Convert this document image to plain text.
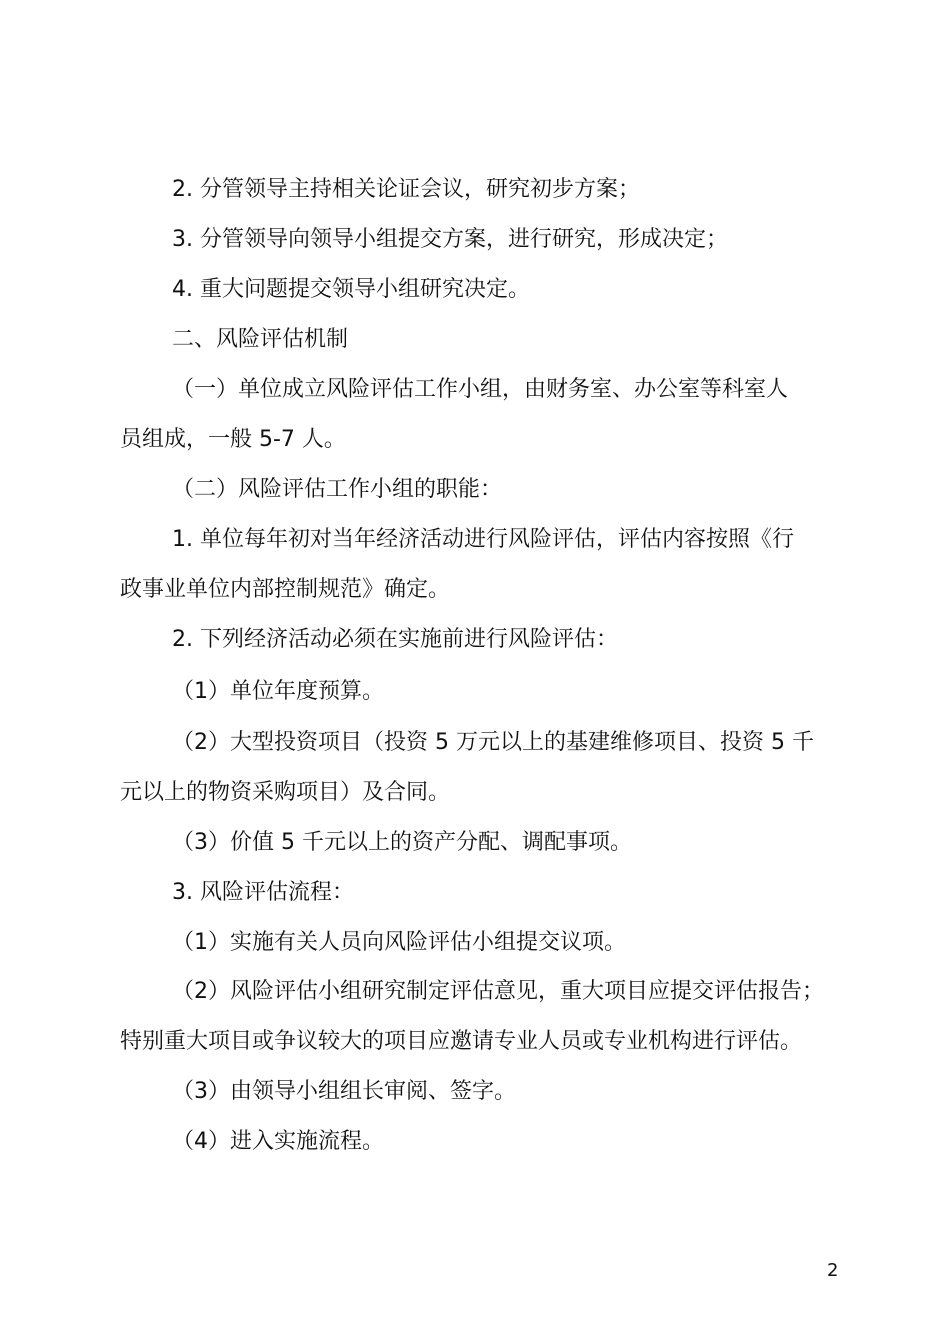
2. 分管领导主持相关论证会议，研究初步方案；

3. 分管领导向领导小组提交方案，进行研究，形成决定；

4. 重大问题提交领导小组研究决定。

二、风险评估机制

（一）单位成立风险评估工作小组，由财务室、办公室等科室人

员组成，一般 5-7 人。

（二）风险评估工作小组的职能：

1. 单位每年初对当年经济活动进行风险评估，评估内容按照《行

政事业单位内部控制规范》确定。

2. 下列经济活动必须在实施前进行风险评估：

（1）单位年度预算。

（2）大型投资项目（投资 5 万元以上的基建维修项目、投资 5 千

元以上的物资采购项目）及合同。

（3）价值 5 千元以上的资产分配、调配事项。

3. 风险评估流程：

（1）实施有关人员向风险评估小组提交议项。

（2）风险评估小组研究制定评估意见，重大项目应提交评估报告；

特别重大项目或争议较大的项目应邀请专业人员或专业机构进行评估。

（3）由领导小组组长审阅、签字。

（4）进入实施流程。

2
